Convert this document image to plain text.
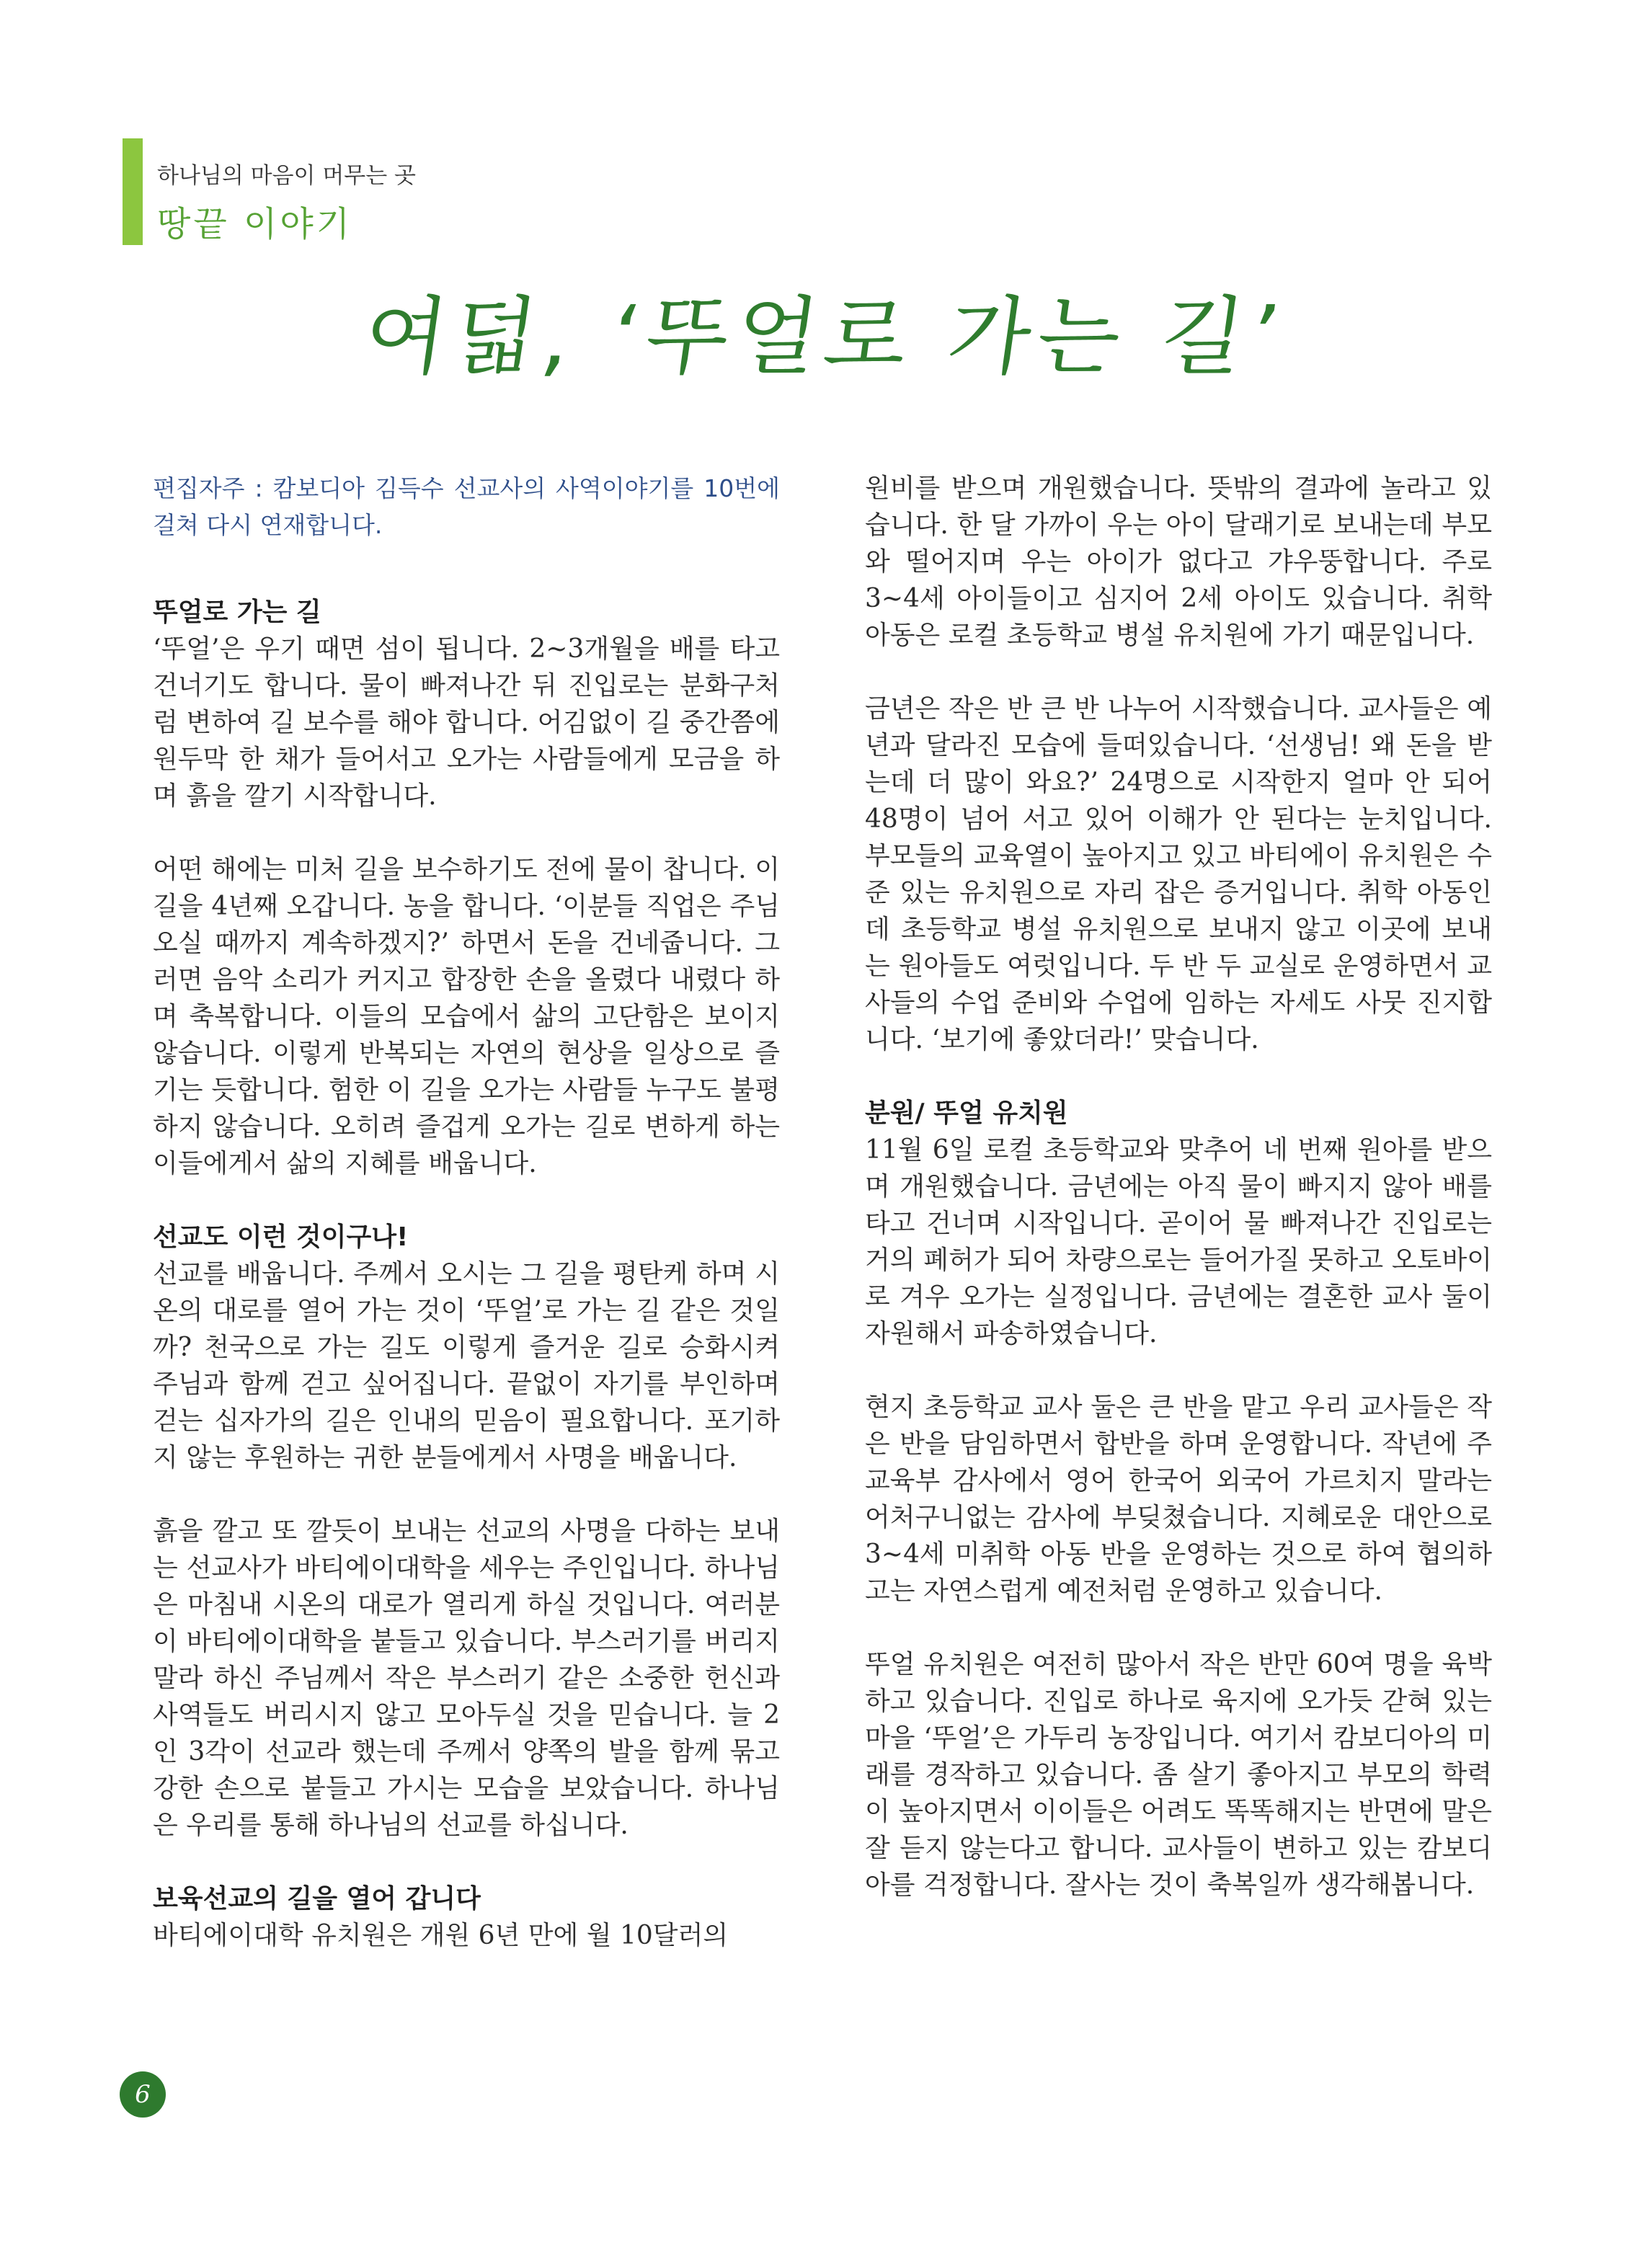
하나님의 마음이 머무는 곳
땅끝 이야기
여덟, ‘뚜얼로 가는 길’

편집자주 : 캄보디아 김득수 선교사의 사역이야기를 10번에 걸쳐 다시 연재합니다.

뚜얼로 가는 길

‘뚜얼’은 우기 때면 섬이 됩니다. 2~3개월을 배를 타고 건너기도 합니다. 물이 빠져나간 뒤 진입로는 분화구처럼 변하여 길 보수를 해야 합니다. 어김없이 길 중간쯤에 원두막 한 채가 들어서고 오가는 사람들에게 모금을 하며 흙을 깔기 시작합니다.

어떤 해에는 미처 길을 보수하기도 전에 물이 찹니다. 이 길을 4년째 오갑니다. 농을 합니다. ‘이분들 직업은 주님 오실 때까지 계속하겠지?’ 하면서 돈을 건네줍니다. 그러면 음악 소리가 커지고 합장한 손을 올렸다 내렸다 하며 축복합니다. 이들의 모습에서 삶의 고단함은 보이지 않습니다. 이렇게 반복되는 자연의 현상을 일상으로 즐기는 듯합니다. 험한 이 길을 오가는 사람들 누구도 불평하지 않습니다. 오히려 즐겁게 오가는 길로 변하게 하는 이들에게서 삶의 지혜를 배웁니다.

선교도 이런 것이구나!

선교를 배웁니다. 주께서 오시는 그 길을 평탄케 하며 시온의 대로를 열어 가는 것이 ‘뚜얼’로 가는 길 같은 것일까? 천국으로 가는 길도 이렇게 즐거운 길로 승화시켜 주님과 함께 걷고 싶어집니다. 끝없이 자기를 부인하며 걷는 십자가의 길은 인내의 믿음이 필요합니다. 포기하지 않는 후원하는 귀한 분들에게서 사명을 배웁니다.

흙을 깔고 또 깔듯이 보내는 선교의 사명을 다하는 보내는 선교사가 바티에이대학을 세우는 주인입니다. 하나님은 마침내 시온의 대로가 열리게 하실 것입니다. 여러분이 바티에이대학을 붙들고 있습니다. 부스러기를 버리지 말라 하신 주님께서 작은 부스러기 같은 소중한 헌신과 사역들도 버리시지 않고 모아두실 것을 믿습니다. 늘 2인 3각이 선교라 했는데 주께서 양쪽의 발을 함께 묶고 강한 손으로 붙들고 가시는 모습을 보았습니다. 하나님은 우리를 통해 하나님의 선교를 하십니다.

보육선교의 길을 열어 갑니다

바티에이대학 유치원은 개원 6년 만에 월 10달러의

원비를 받으며 개원했습니다. 뜻밖의 결과에 놀라고 있습니다. 한 달 가까이 우는 아이 달래기로 보내는데 부모와 떨어지며 우는 아이가 없다고 갸우뚱합니다. 주로 3~4세 아이들이고 심지어 2세 아이도 있습니다. 취학 아동은 로컬 초등학교 병설 유치원에 가기 때문입니다.

금년은 작은 반 큰 반 나누어 시작했습니다. 교사들은 예년과 달라진 모습에 들떠있습니다. ‘선생님! 왜 돈을 받는데 더 많이 와요?’ 24명으로 시작한지 얼마 안 되어 48명이 넘어 서고 있어 이해가 안 된다는 눈치입니다. 부모들의 교육열이 높아지고 있고 바티에이 유치원은 수준 있는 유치원으로 자리 잡은 증거입니다. 취학 아동인데 초등학교 병설 유치원으로 보내지 않고 이곳에 보내는 원아들도 여럿입니다. 두 반 두 교실로 운영하면서 교사들의 수업 준비와 수업에 임하는 자세도 사뭇 진지합니다. ‘보기에 좋았더라!’ 맞습니다.

분원/ 뚜얼 유치원

11월 6일 로컬 초등학교와 맞추어 네 번째 원아를 받으며 개원했습니다. 금년에는 아직 물이 빠지지 않아 배를 타고 건너며 시작입니다. 곧이어 물 빠져나간 진입로는 거의 폐허가 되어 차량으로는 들어가질 못하고 오토바이로 겨우 오가는 실정입니다. 금년에는 결혼한 교사 둘이 자원해서 파송하였습니다.

현지 초등학교 교사 둘은 큰 반을 맡고 우리 교사들은 작은 반을 담임하면서 합반을 하며 운영합니다. 작년에 주 교육부 감사에서 영어 한국어 외국어 가르치지 말라는 어처구니없는 감사에 부딪쳤습니다. 지혜로운 대안으로 3~4세 미취학 아동 반을 운영하는 것으로 하여 협의하고는 자연스럽게 예전처럼 운영하고 있습니다.

뚜얼 유치원은 여전히 많아서 작은 반만 60여 명을 육박하고 있습니다. 진입로 하나로 육지에 오가듯 갇혀 있는 마을 ‘뚜얼’은 가두리 농장입니다. 여기서 캄보디아의 미래를 경작하고 있습니다. 좀 살기 좋아지고 부모의 학력이 높아지면서 이이들은 어려도 똑똑해지는 반면에 말은 잘 듣지 않는다고 합니다. 교사들이 변하고 있는 캄보디아를 걱정합니다. 잘사는 것이 축복일까 생각해봅니다.

6
